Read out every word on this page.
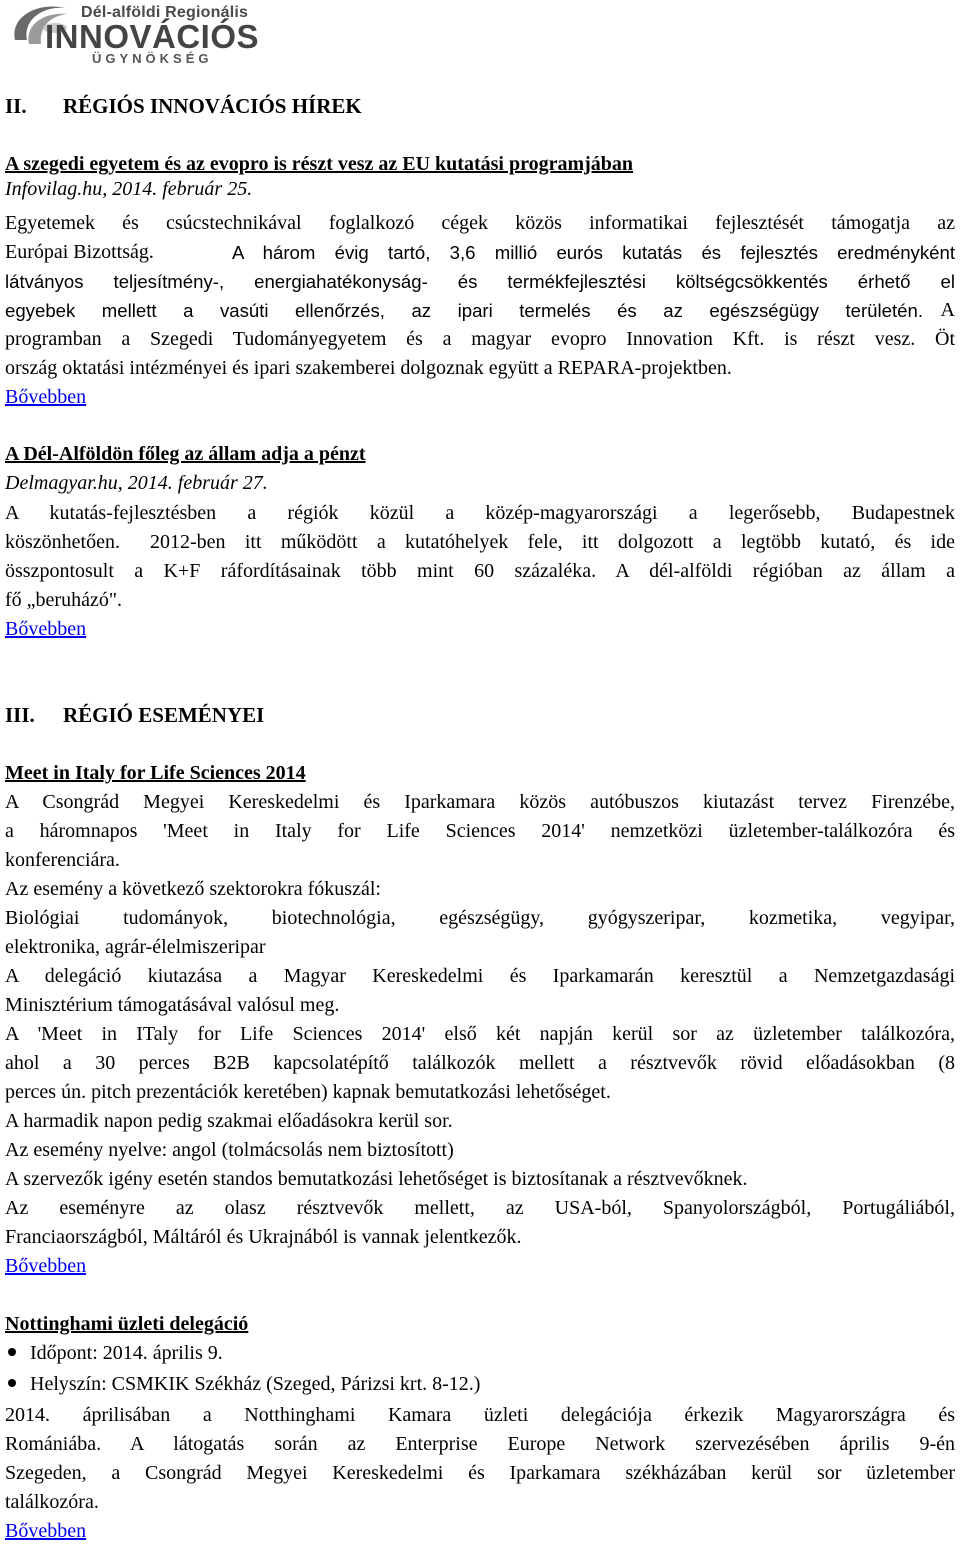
Dél-alföldi Regionális
INNOVÁCIÓS
ÜGYNÖKSÉG
II. RÉGIÓS INNOVÁCIÓS HÍREK
A szegedi egyetem és az evopro is részt vesz az EU kutatási programjában
Infovilag.hu, 2014. február 25.
Egyetemek és csúcstechnikával foglalkozó cégek közös informatikai fejlesztését támogatja az
Európai Bizottság.	A három évig tartó, 3,6 millió eurós kutatás és fejlesztés eredményként
látványos teljesítmény-, energiahatékonyság- és termékfejlesztési költségcsökkentés érhető el
egyebek mellett a vasúti ellenőrzés, az ipari termelés és az egészségügy területén. A
programban a Szegedi Tudományegyetem és a magyar evopro Innovation Kft. is részt vesz. Öt
ország oktatási intézményei és ipari szakemberei dolgoznak együtt a REPARA-projektben.
Bővebben
A Dél-Alföldön főleg az állam adja a pénzt
Delmagyar.hu, 2014. február 27.
A kutatás-fejlesztésben a régiók közül a közép-magyarországi a legerősebb, Budapestnek
köszönhetően. 2012-ben itt működött a kutatóhelyek fele, itt dolgozott a legtöbb kutató, és ide
összpontosult a K+F ráfordításainak több mint 60 százaléka. A dél-alföldi régióban az állam a
fő „beruházó".
Bővebben
III. RÉGIÓ ESEMÉNYEI
Meet in Italy for Life Sciences 2014
A Csongrád Megyei Kereskedelmi és Iparkamara közös autóbuszos kiutazást tervez Firenzébe,
a háromnapos 'Meet in Italy for Life Sciences 2014' nemzetközi üzletember-találkozóra és
konferenciára.
Az esemény a következő szektorokra fókuszál:
Biológiai tudományok, biotechnológia, egészségügy, gyógyszeripar, kozmetika, vegyipar,
elektronika, agrár-élelmiszeripar
A delegáció kiutazása a Magyar Kereskedelmi és Iparkamarán keresztül a Nemzetgazdasági
Minisztérium támogatásával valósul meg.
A 'Meet in ITaly for Life Sciences 2014' első két napján kerül sor az üzletember találkozóra,
ahol a 30 perces B2B kapcsolatépítő találkozók mellett a résztvevők rövid előadásokban (8
perces ún. pitch prezentációk keretében) kapnak bemutatkozási lehetőséget.
A harmadik napon pedig szakmai előadásokra kerül sor.
Az esemény nyelve: angol (tolmácsolás nem biztosított)
A szervezők igény esetén standos bemutatkozási lehetőséget is biztosítanak a résztvevőknek.
Az eseményre az olasz résztvevők mellett, az USA-ból, Spanyolországból, Portugáliából,
Franciaországból, Máltáról és Ukrajnából is vannak jelentkezők.
Bővebben
Nottinghami üzleti delegáció
Időpont: 2014. április 9.
Helyszín: CSMKIK Székház (Szeged, Párizsi krt. 8-12.)
2014. áprilisában a Notthinghami Kamara üzleti delegációja érkezik Magyarországra és
Romániába. A látogatás során az Enterprise Europe Network szervezésében április 9-én
Szegeden, a Csongrád Megyei Kereskedelmi és Iparkamara székházában kerül sor üzletember
találkozóra.
Bővebben
